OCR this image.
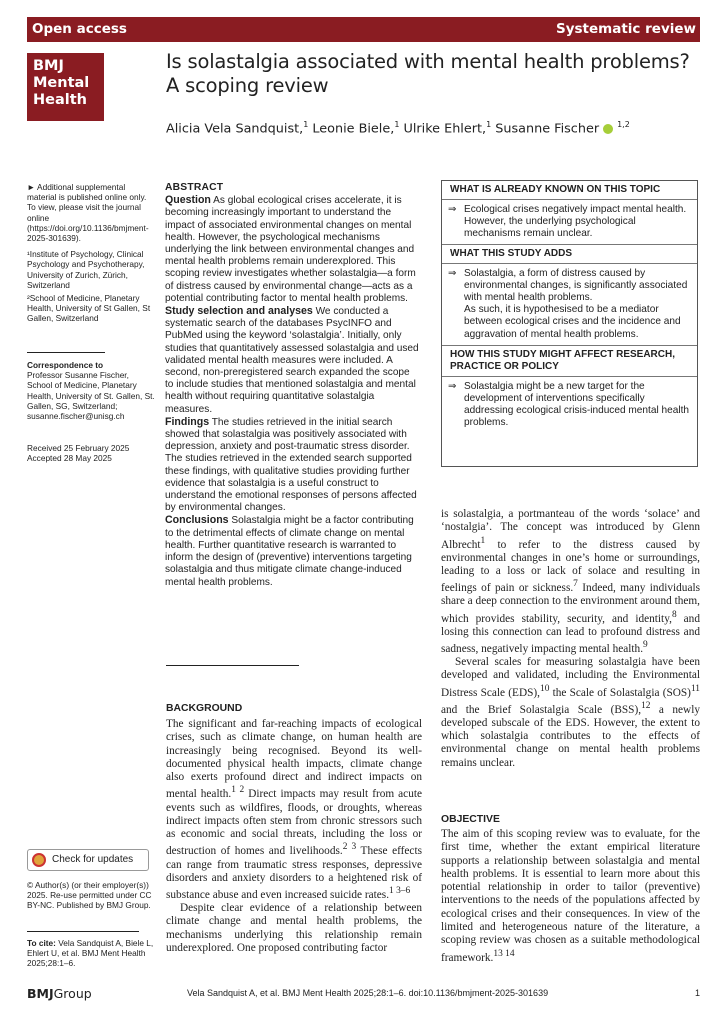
Open access	Systematic review
BMJ
Mental
Health
Is solastalgia associated with mental health problems? A scoping review
Alicia Vela Sandquist,$^1$ Leonie Biele,$^1$ Ulrike Ehlert,$^1$ Susanne Fischer $^{1,2}$

► Additional supplemental material is published online only. To view, please visit the journal online (https://doi.org/10.1136/bmjment-2025-301639).

¹Institute of Psychology, Clinical Psychology and Psychotherapy, University of Zurich, Zürich, Switzerland

²School of Medicine, Planetary Health, University of St Gallen, St Gallen, Switzerland

Correspondence to

Professor Susanne Fischer, School of Medicine, Planetary Health, University of St. Gallen, St. Gallen, SG, Switzerland; susanne.fischer@unisg.ch

Received 25 February 2025

Accepted 28 May 2025

Check for updates

© Author(s) (or their employer(s)) 2025. Re-use permitted under CC BY-NC. Published by BMJ Group.

To cite: Vela Sandquist A, Biele L, Ehlert U, et al. BMJ Ment Health 2025;28:1–6.

ABSTRACT

Question As global ecological crises accelerate, it is becoming increasingly important to understand the impact of associated environmental changes on mental health. However, the psychological mechanisms underlying the link between environmental changes and mental health problems remain underexplored. This scoping review investigates whether solastalgia—a form of distress caused by environmental change—acts as a potential contributing factor to mental health problems.

Study selection and analyses We conducted a systematic search of the databases PsycINFO and PubMed using the keyword ‘solastalgia’. Initially, only studies that quantitatively assessed solastalgia and used validated mental health measures were included. A second, non-preregistered search expanded the scope to include studies that mentioned solastalgia and mental health without requiring quantitative solastalgia measures.

Findings The studies retrieved in the initial search showed that solastalgia was positively associated with depression, anxiety and post-traumatic stress disorder. The studies retrieved in the extended search supported these findings, with qualitative studies providing further evidence that solastalgia is a useful construct to understand the emotional responses of persons affected by environmental changes.

Conclusions Solastalgia might be a factor contributing to the detrimental effects of climate change on mental health. Further quantitative research is warranted to inform the design of (preventive) interventions targeting solastalgia and thus mitigate climate change-induced mental health problems.

WHAT IS ALREADY KNOWN ON THIS TOPIC
⇒ Ecological crises negatively impact mental health. However, the underlying psychological mechanisms remain unclear.
WHAT THIS STUDY ADDS
⇒ Solastalgia, a form of distress caused by environmental changes, is significantly associated with mental health problems.
As such, it is hypothesised to be a mediator between ecological crises and the incidence and aggravation of mental health problems.
HOW THIS STUDY MIGHT AFFECT RESEARCH, PRACTICE OR POLICY
⇒ Solastalgia might be a new target for the development of interventions specifically addressing ecological crisis-induced mental health problems.
BACKGROUND

The significant and far-reaching impacts of ecological crises, such as climate change, on human health are increasingly being recognised. Beyond its well-documented physical health impacts, climate change also exerts profound direct and indirect impacts on mental health.$^{1 2}$ Direct impacts may result from acute events such as wildfires, floods, or droughts, whereas indirect impacts often stem from chronic stressors such as economic and social threats, including the loss or destruction of homes and livelihoods.$^{2 3}$ These effects can range from traumatic stress responses, depressive disorders and anxiety disorders to a heightened risk of substance abuse and even increased suicide rates.$^{1 3-6}$

Despite clear evidence of a relationship between climate change and mental health problems, the mechanisms underlying this relationship remain underexplored. One proposed contributing factor

is solastalgia, a portmanteau of the words ‘solace’ and ‘nostalgia’. The concept was introduced by Glenn Albrecht$^1$ to refer to the distress caused by environmental changes in one’s home or surroundings, leading to a loss or lack of solace and resulting in feelings of pain or sickness.$^7$ Indeed, many individuals share a deep connection to the environment around them, which provides stability, security, and identity,$^8$ and losing this connection can lead to profound distress and sadness, negatively impacting mental health.$^9$

Several scales for measuring solastalgia have been developed and validated, including the Environmental Distress Scale (EDS),$^{10}$ the Scale of Solastalgia (SOS)$^{11}$ and the Brief Solastalgia Scale (BSS),$^{12}$ a newly developed subscale of the EDS. However, the extent to which solastalgia contributes to the effects of environmental change on mental health problems remains unclear.

OBJECTIVE

The aim of this scoping review was to evaluate, for the first time, whether the extant empirical literature supports a relationship between solastalgia and mental health problems. It is essential to learn more about this potential relationship in order to tailor (preventive) interventions to the needs of the populations affected by ecological crises and their consequences. In view of the limited and heterogeneous nature of the literature, a scoping review was chosen as a suitable methodological framework.$^{13 14}$

BMJGroup	Vela Sandquist A, et al. BMJ Ment Health 2025;28:1–6. doi:10.1136/bmjment-2025-301639	1
